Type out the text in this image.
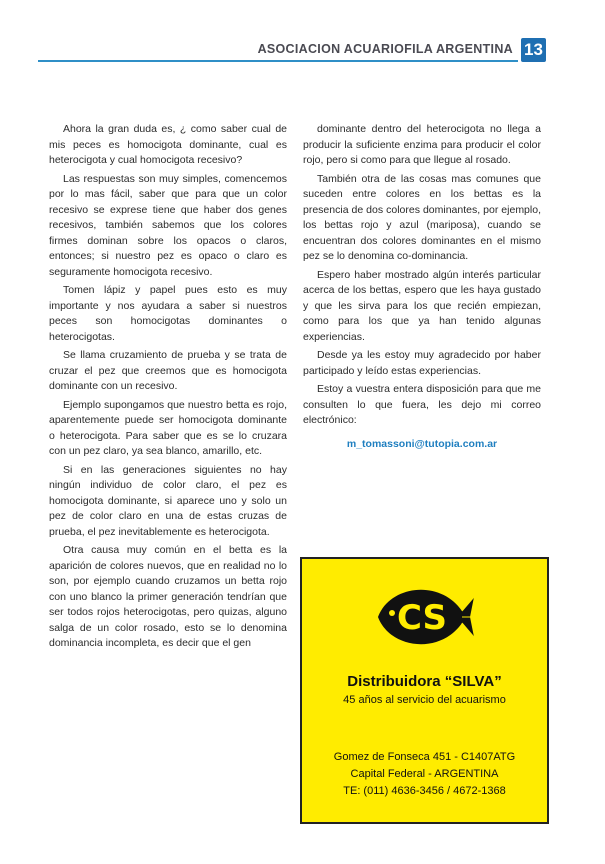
ASOCIACION ACUARIOFILA ARGENTINA 13

Ahora la gran duda es, ¿ como saber cual de mis peces es homocigota dominante, cual es heterocigota y cual homocigota recesivo?

Las respuestas son muy simples, comencemos por lo mas fácil, saber que para que un color recesivo se exprese tiene que haber dos genes recesivos, también sabemos que los colores firmes dominan sobre los opacos o claros, entonces; si nuestro pez es opaco o claro es seguramente homocigota recesivo.

Tomen lápiz y papel pues esto es muy importante y nos ayudara a saber si nuestros peces son homocigotas dominantes o heterocigotas.

Se llama cruzamiento de prueba y se trata de cruzar el pez que creemos que es homocigota dominante con un recesivo.

Ejemplo supongamos que nuestro betta es rojo, aparentemente puede ser homocigota dominante o heterocigota. Para saber que es se lo cruzara con un pez claro, ya sea blanco, amarillo, etc.

Si en las generaciones siguientes no hay ningún individuo de color claro, el pez es homocigota dominante, si aparece uno y solo un pez de color claro en una de estas cruzas de prueba, el pez inevitablemente es heterocigota.

Otra causa muy común en el betta es la aparición de colores nuevos, que en realidad no lo son, por ejemplo cuando cruzamos un betta rojo con uno blanco la primer generación tendrían que ser todos rojos heterocigotas, pero quizas, alguno salga de un color rosado, esto se lo denomina dominancia incompleta, es decir que el gen

dominante dentro del heterocigota no llega a producir la suficiente enzima para producir el color rojo, pero si como para que llegue al rosado.

También otra de las cosas mas comunes que suceden entre colores en los bettas es la presencia de dos colores dominantes, por ejemplo, los bettas rojo y azul (mariposa), cuando se encuentran dos colores dominantes en el mismo pez se lo denomina co-dominancia.

Espero haber mostrado algún interés particular acerca de los bettas, espero que les haya gustado y que les sirva para los que recién empiezan, como para los que ya han tenido algunas experiencias.

Desde ya les estoy muy agradecido por haber participado y leído estas experiencias.

Estoy a vuestra entera disposición para que me consulten lo que fuera, les dejo mi correo electrónico:

m_tomassoni@tutopia.com.ar
CS
Distribuidora “SILVA”
45 años al servicio del acuarismo
Gomez de Fonseca 451 - C1407ATG
Capital Federal - ARGENTINA
TE: (011) 4636-3456 / 4672-1368
